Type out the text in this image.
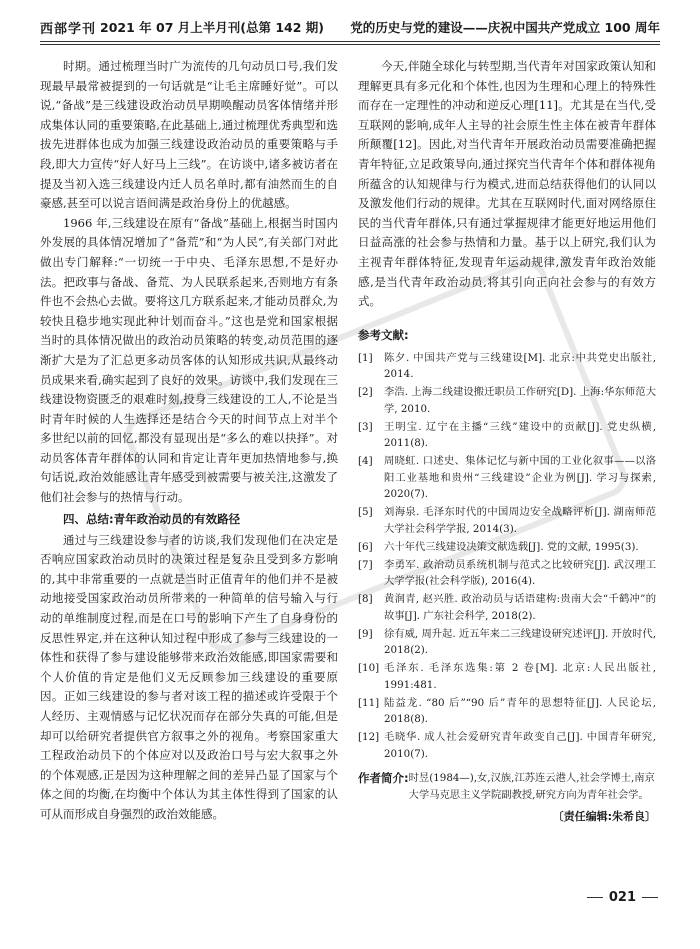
西部学刊 2021 年 07 月上半月刊(总第 142 期) 党的历史与党的建设——庆祝中国共产党成立 100 周年

时期。通过梳理当时广为流传的几句动员口号,我们发现最早最常被提到的一句话就是“让毛主席睡好觉”。可以说,“备战”是三线建设政治动员早期唤醒动员客体情绪并形成集体认同的重要策略,在此基础上,通过梳理优秀典型和选拔先进群体也成为加强三线建设政治动员的重要策略与手段,即大力宣传“好人好马上三线”。在访谈中,诸多被访者在提及当初入选三线建设内迁人员名单时,都有油然而生的自豪感,甚至可以说言语间满是政治身份上的优越感。

1966 年,三线建设在原有“备战”基础上,根据当时国内外发展的具体情况增加了“备荒”和“为人民”,有关部门对此做出专门解释:“一切统一于中央、毛泽东思想,不是好办法。把政事与备战、备荒、为人民联系起来,否则地方有条件也不会热心去做。要将这几方联系起来,才能动员群众,为较快且稳步地实现此种计划而奋斗。”这也是党和国家根据当时的具体情况做出的政治动员策略的转变,动员范围的逐渐扩大是为了汇总更多动员客体的认知形成共识,从最终动员成果来看,确实起到了良好的效果。访谈中,我们发现在三线建设物资匮乏的艰难时刻,投身三线建设的工人,不论是当时青年时候的人生选择还是结合今天的时间节点上对半个多世纪以前的回忆,都没有显现出是“多么的难以抉择”。对动员客体青年群体的认同和肯定让青年更加热情地参与,换句话说,政治效能感让青年感受到被需要与被关注,这激发了他们社会参与的热情与行动。

四、总结:青年政治动员的有效路径

通过与三线建设参与者的访谈,我们发现他们在决定是否响应国家政治动员时的决策过程是复杂且受到多方影响的,其中非常重要的一点就是当时正值青年的他们并不是被动地接受国家政治动员所带来的一种简单的信号输入与行动的单维制度过程,而是在口号的影响下产生了自身身份的反思性界定,并在这种认知过程中形成了参与三线建设的一体性和获得了参与建设能够带来政治效能感,即国家需要和个人价值的肯定是他们义无反顾参加三线建设的重要原因。正如三线建设的参与者对该工程的描述或许受限于个人经历、主观情感与记忆状况而存在部分失真的可能,但是却可以给研究者提供官方叙事之外的视角。考察国家重大工程政治动员下的个体应对以及政治口号与宏大叙事之外的个体观感,正是因为这种理解之间的差异凸显了国家与个体之间的均衡,在均衡中个体认为其主体性得到了国家的认可从而形成自身强烈的政治效能感。

今天,伴随全球化与转型期,当代青年对国家政策认知和理解更具有多元化和个体性,也因为生理和心理上的特殊性而存在一定理性的冲动和逆反心理[11]。尤其是在当代,受互联网的影响,成年人主导的社会原生性主体在被青年群体所颠覆[12]。因此,对当代青年开展政治动员需要准确把握青年特征,立足政策导向,通过探究当代青年个体和群体视角所蕴含的认知规律与行为模式,进而总结获得他们的认同以及激发他们行动的规律。尤其在互联网时代,面对网络原住民的当代青年群体,只有通过掌握规律才能更好地运用他们日益高涨的社会参与热情和力量。基于以上研究,我们认为主视青年群体特征,发现青年运动规律,激发青年政治效能感,是当代青年政治动员,将其引向正向社会参与的有效方式。

参考文献:
[1]	陈夕. 中国共产党与三线建设[M]. 北京:中共党史出版社, 2014.
[2]	李浩. 上海二线建设搬迁职员工作研究[D]. 上海:华东师范大学, 2010.
[3]	王明宝. 辽宁在主播“三线”建设中的贡献[J]. 党史纵横, 2011(8).
[4]	周晓虹. 口述史、集体记忆与新中国的工业化叙事——以洛阳工业基地和贵州“三线建设”企业为例[J]. 学习与探索, 2020(7).
[5]	刘海泉. 毛泽东时代的中国周边安全战略评析[J]. 湖南师范大学社会科学学报, 2014(3).
[6]	六十年代三线建设决策文献选载[J]. 党的文献, 1995(3).
[7]	李勇军. 政治动员系统机制与范式之比较研究[J]. 武汉理工大学学报(社会科学版), 2016(4).
[8]	黄润青, 赵兴胜. 政治动员与话语建构:贵南大会“千鹤冲”的故事[J]. 广东社会科学, 2018(2).
[9]	徐有威, 周升起. 近五年来二三线建设研究述评[J]. 开放时代, 2018(2).
[10] 毛泽东. 毛泽东选集:第 2 卷[M]. 北京:人民出版社, 1991:481.
[11] 陆益龙. “80 后”“90 后”青年的思想特征[J]. 人民论坛, 2018(8).
[12] 毛晓华. 成人社会爱研究青年政变自己[J]. 中国青年研究, 2010(7).
作者简介: 时昱(1984—),女,汉族,江苏连云港人,社会学博士,南京大学马克思主义学院副教授,研究方向为青年社会学。
〔责任编辑:朱希良〕
021
